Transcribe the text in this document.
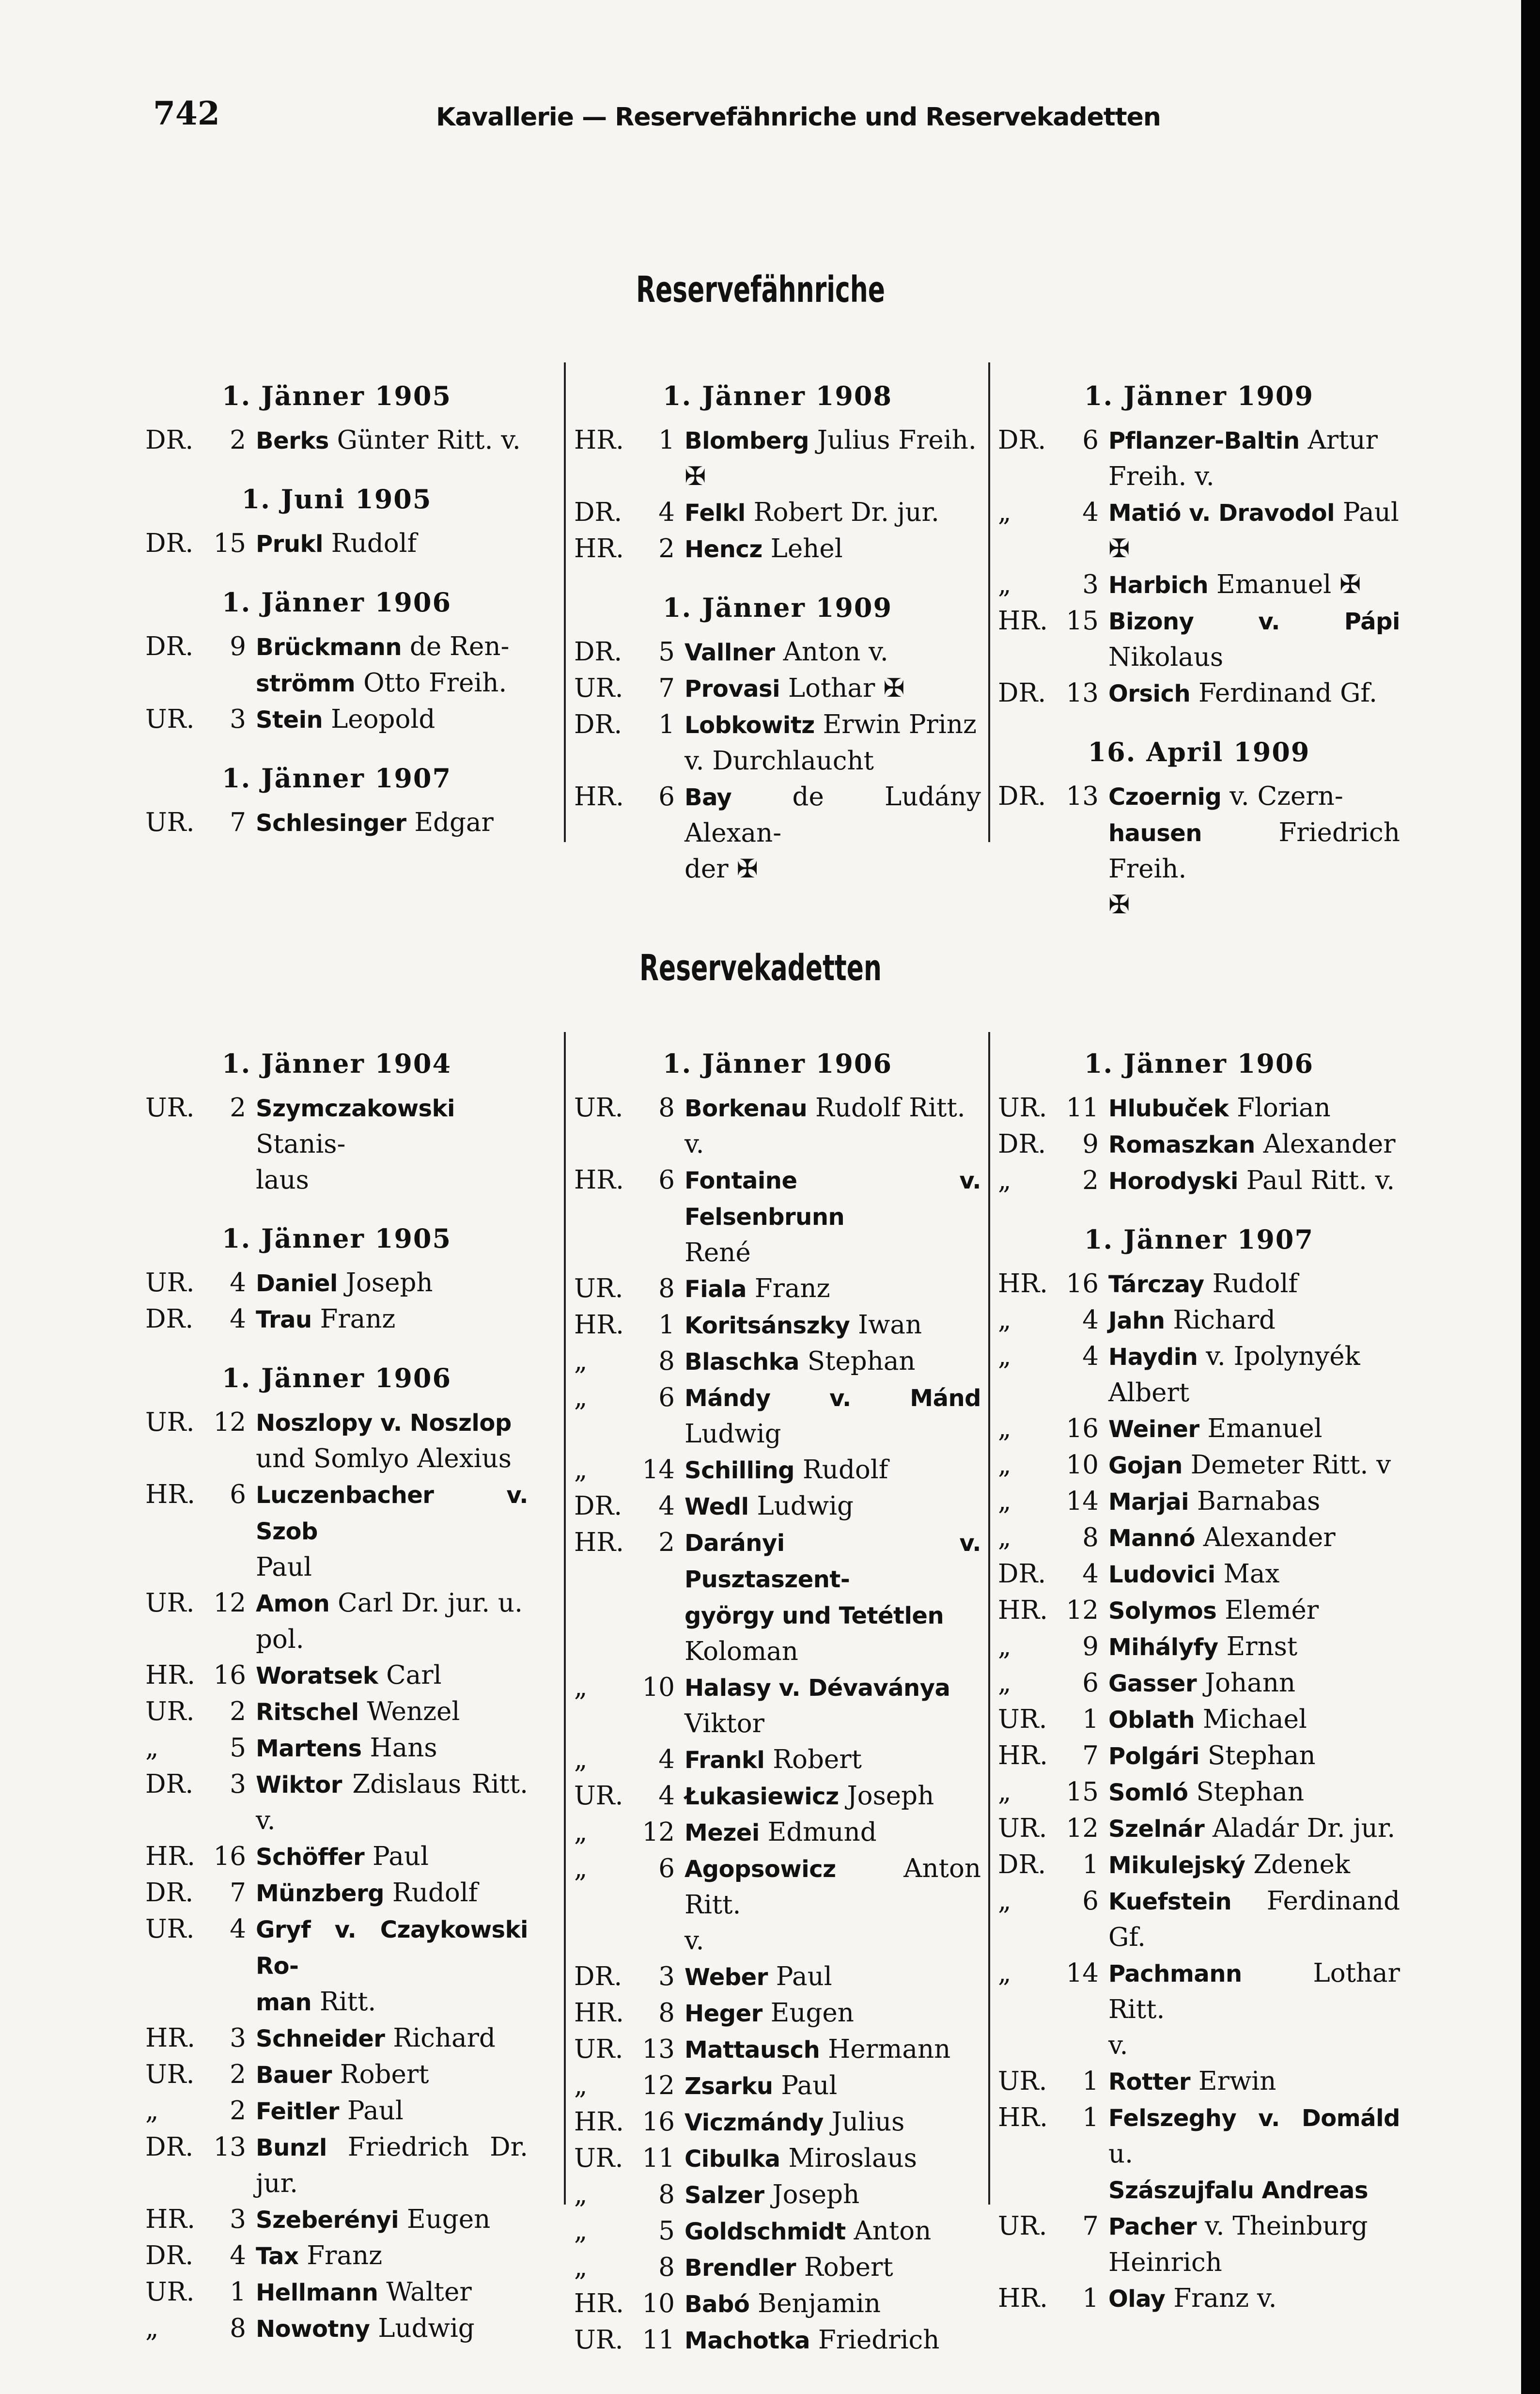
742	Kavallerie — Reservefähnriche und Reservekadetten
Reservefähnriche
1. Jänner 1905
DR.	2 Berks Günter Ritt. v.
1. Juni 1905
DR. 15 Prukl Rudolf
1. Jänner 1906
DR.	9 Brückmann de Ren-
strömm Otto Freih.
UR.	3 Stein Leopold
1. Jänner 1907
UR.	7 Schlesinger Edgar
1. Jänner 1908
HR.	1 Blomberg Julius Freih.
✠
DR.	4 Felkl Robert Dr. jur.
HR.	2 Hencz Lehel
1. Jänner 1909
DR.	5 Vallner Anton v.
UR.	7 Provasi Lothar ✠
DR.	1 Lobkowitz Erwin Prinz
v. Durchlaucht
HR.	6 Bay de Ludány Alexan-
der ✠
1. Jänner 1909
DR.	6 Pflanzer-Baltin Artur
Freih. v.
„	4 Matió v. Dravodol Paul
✠
„	3 Harbich Emanuel ✠
HR. 15 Bizony v. Pápi Nikolaus
DR. 13 Orsich Ferdinand Gf.
16. April 1909
DR. 13 Czoernig v. Czern-
hausen	Friedrich Freih.
✠
Reservekadetten
1. Jänner 1904
UR.	2 Szymczakowski Stanis-
laus
1. Jänner 1905
UR.	4 Daniel Joseph
DR.	4 Trau Franz
1. Jänner 1906
UR. 12 Noszlopy v. Noszlop
und Somlyo Alexius
HR.	6 Luczenbacher v. Szob
Paul
UR. 12 Amon Carl Dr. jur. u.
pol.
HR. 16 Woratsek Carl
UR.	2 Ritschel Wenzel
„	5 Martens Hans
DR.	3 Wiktor Zdislaus Ritt. v.
HR. 16 Schöffer Paul
DR.	7 Münzberg Rudolf
UR.	4 Gryf v. Czaykowski Ro-
man Ritt.
HR.	3 Schneider Richard
UR.	2 Bauer Robert
„	2 Feitler Paul
DR. 13 Bunzl Friedrich Dr. jur.
HR.	3 Szeberényi Eugen
DR.	4 Tax Franz
UR.	1 Hellmann Walter
„	8 Nowotny Ludwig
1. Jänner 1906
UR.	8 Borkenau Rudolf Ritt.
v.
HR.	6 Fontaine v. Felsenbrunn
René
UR.	8 Fiala Franz
HR.	1 Koritsánszky Iwan
„	8 Blaschka Stephan
„	6 Mándy v. Mánd Ludwig
„	14 Schilling Rudolf
DR.	4 Wedl Ludwig
HR.	2 Darányi v. Pusztaszent-
györgy und Tetétlen
Koloman
„	10 Halasy v. Dévaványa
Viktor
„	4 Frankl Robert
UR.	4 Łukasiewicz Joseph
„	12 Mezei Edmund
„	6 Agopsowicz	Anton Ritt.
v.
DR.	3 Weber Paul
HR.	8 Heger Eugen
UR. 13 Mattausch Hermann
„	12 Zsarku Paul
HR. 16 Viczmándy Julius
UR. 11 Cibulka Miroslaus
„	8 Salzer Joseph
„	5 Goldschmidt Anton
„	8 Brendler Robert
HR. 10 Babó Benjamin
UR. 11 Machotka Friedrich
1. Jänner 1906
UR. 11 Hlubuček Florian
DR.	9 Romaszkan Alexander
„	2 Horodyski Paul Ritt. v.
1. Jänner 1907
HR. 16 Tárczay Rudolf
„	4 Jahn Richard
„	4 Haydin v. Ipolynyék
Albert
„	16 Weiner Emanuel
„	10 Gojan Demeter Ritt. v
„	14 Marjai Barnabas
„	8 Mannó Alexander
DR.	4 Ludovici Max
HR. 12 Solymos Elemér
„	9 Mihályfy Ernst
„	6 Gasser Johann
UR.	1 Oblath Michael
HR.	7 Polgári Stephan
„	15 Somló Stephan
UR. 12 Szelnár Aladár Dr. jur.
DR.	1 Mikulejský Zdenek
„	6 Kuefstein Ferdinand Gf.
„	14 Pachmann	Lothar Ritt.
v.
UR.	1 Rotter Erwin
HR.	1 Felszeghy v. Domáld u.
Szászujfalu Andreas
UR.	7 Pacher v. Theinburg
Heinrich
HR.	1 Olay Franz v.
